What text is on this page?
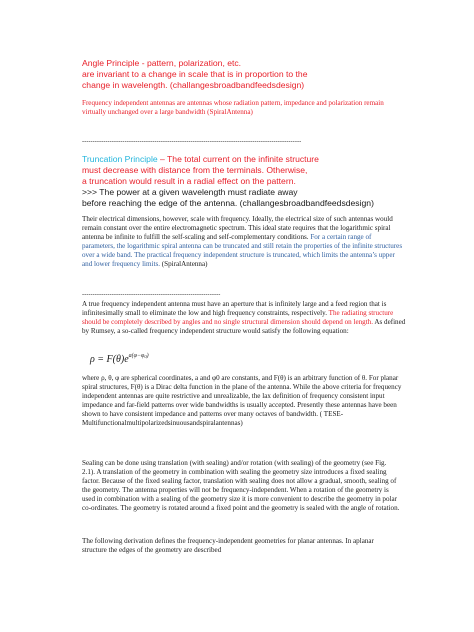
Angle Principle - pattern, polarization, etc.

are invariant to a change in scale that is in proportion to the

change in wavelength. (challangesbroadbandfeedsdesign)

Frequency independent antennas are antennas whose radiation pattern, impedance and polarization remain virtually unchanged over a large bandwidth (SpiralAntenna)

-------------------------------------------------------------------------------------------------------

Truncation Principle – The total current on the infinite structure

must decrease with distance from the terminals. Otherwise,

a truncation would result in a radial effect on the pattern.

>>> The power at a given wavelength must radiate away

before reaching the edge of the antenna. (challangesbroadbandfeedsdesign)

Their electrical dimensions, however, scale with frequency. Ideally, the electrical size of such antennas would remain constant over the entire electromagnetic spectrum. This ideal state requires that the logarithmic spiral antenna be infinite to fulfill the self-scaling and self-complementary conditions. For a certain range of parameters, the logarithmic spiral antenna can be truncated and still retain the properties of the infinite structures over a wide band. The practical frequency independent structure is truncated, which limits the antenna’s upper and lower frequency limits. (SpiralAntenna)

-----------------------------------------------------------------

A true frequency independent antenna must have an aperture that is infinitely large and a feed region that is infinitesimally small to eliminate the low and high frequency constraints, respectively. The radiating structure should be completely described by angles and no single structural dimension should depend on length. As defined by Rumsey, a so-called frequency independent structure would satisfy the following equation:

$\rho = F(\theta)e^{a(\varphi-\varphi 0)}$

where ρ, θ, φ are spherical coordinates, a and φ0 are constants, and F(θ) is an arbitrary function of θ. For planar spiral structures, F(θ) is a Dirac delta function in the plane of the antenna. While the above criteria for frequency independent antennas are quite restrictive and unrealizable, the lax definition of frequency consistent input impedance and far-field patterns over wide bandwidths is usually accepted. Presently these antennas have been shown to have consistent impedance and patterns over many octaves of bandwidth. ( TESE-Multifunctionalmultipolarizedsinuousandspiralantennas)

Sealing can be done using translation (with sealing) and/or rotation (with sealing) of the geometry (see Fig. 2.1). A translation of the geometry in combination with sealing the geometry size introduces a fixed sealing factor. Because of the fixed sealing factor, translation with sealing does not allow a gradual, smooth, sealing of the geometry. The antenna properties will not be frequency-independent. When a rotation of the geometry is used in combination with a sealing of the geometry size it is more convenient to describe the geometry in polar co-ordinates. The geometry is rotated around a fixed point and the geometry is sealed with the angle of rotation.

The following derivation defines the frequency-independent geometries for planar antennas. In aplanar structure the edges of the geometry are described
